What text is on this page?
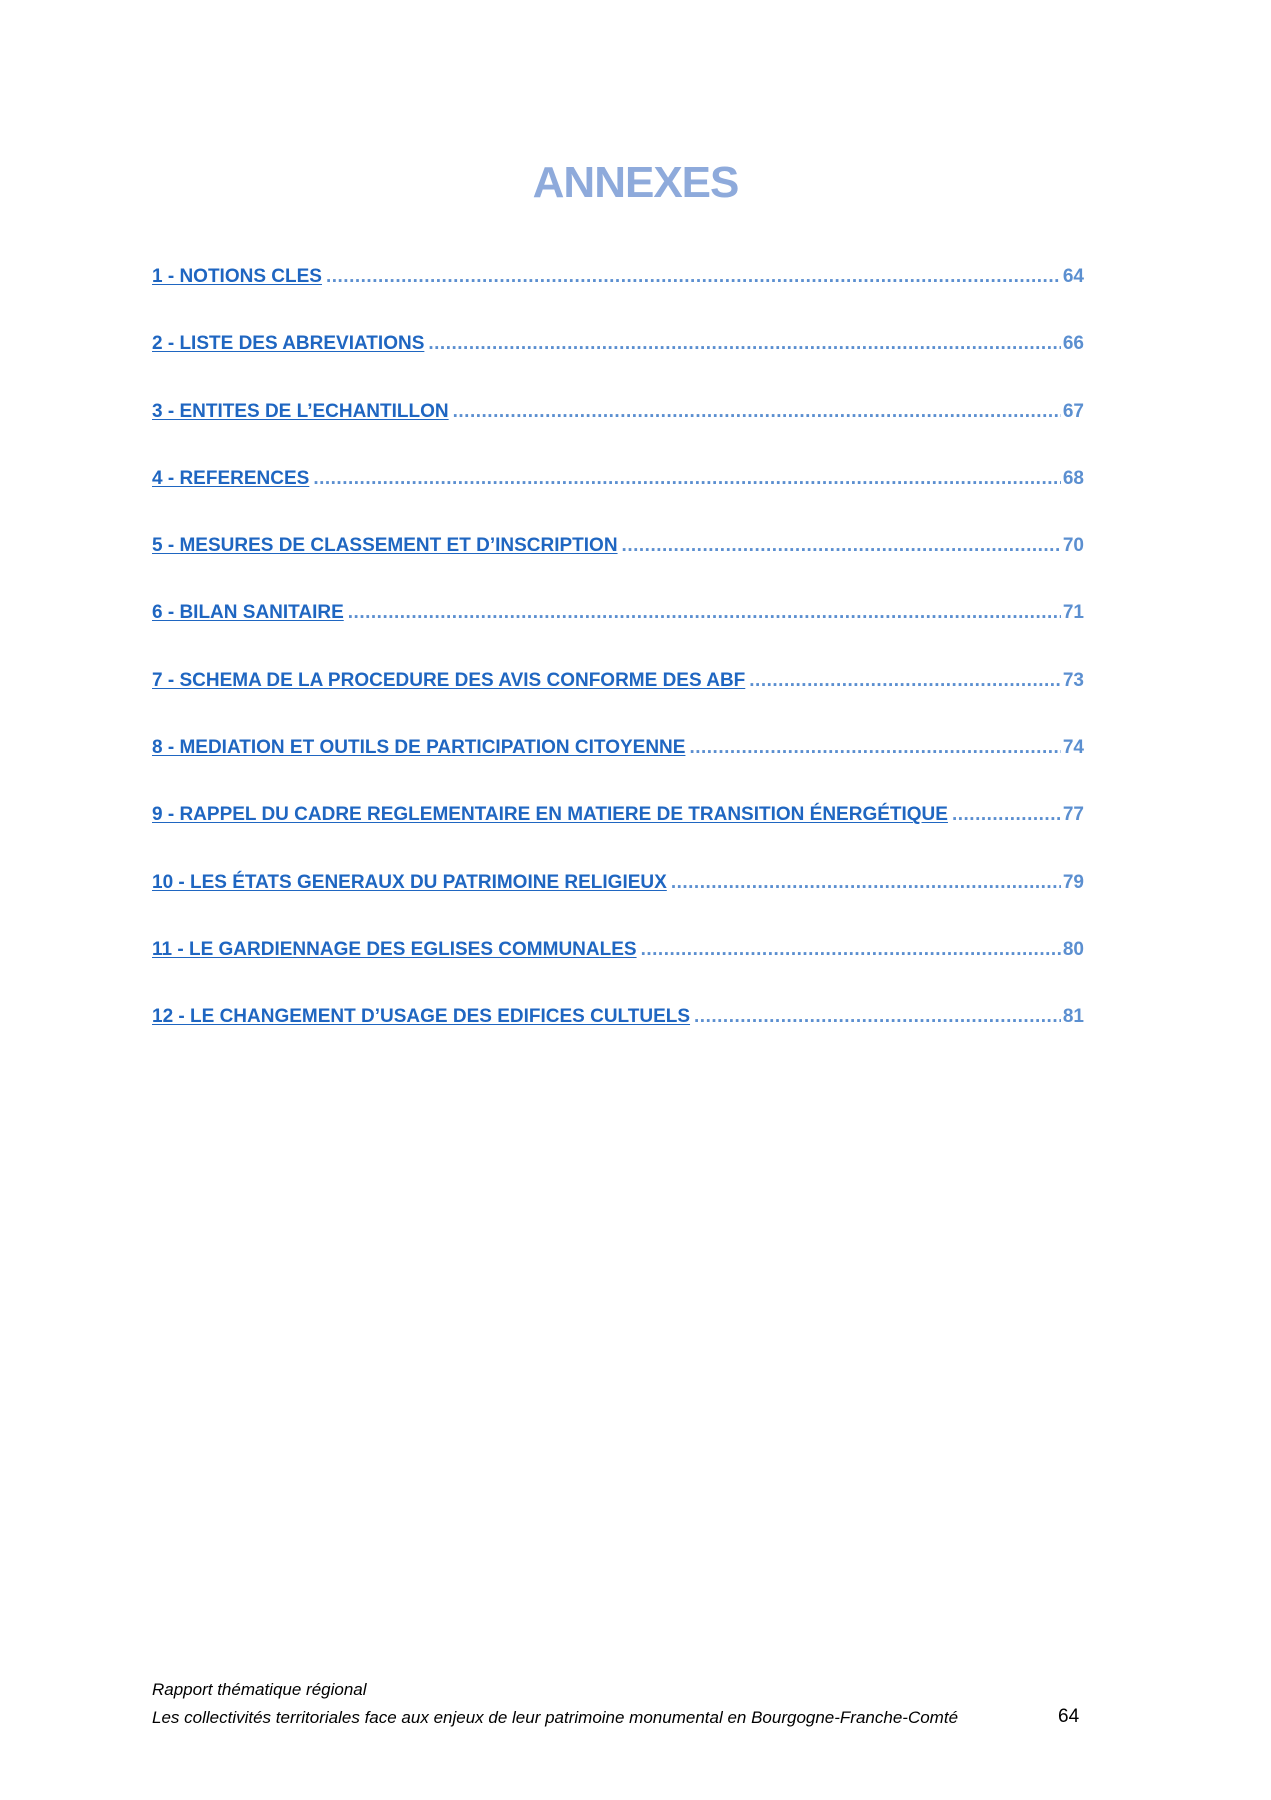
ANNEXES
1 - NOTIONS CLES .....	64
2 - LISTE DES ABREVIATIONS .....	66
3 - ENTITES DE L’ECHANTILLON .....	67
4 - REFERENCES .....	68
5 - MESURES DE CLASSEMENT ET D’INSCRIPTION .....	70
6 - BILAN SANITAIRE .....	71
7 - SCHEMA DE LA PROCEDURE DES AVIS CONFORME DES ABF .....	73
8 - MEDIATION ET OUTILS DE PARTICIPATION CITOYENNE .....	74
9 - RAPPEL DU CADRE REGLEMENTAIRE EN MATIERE DE TRANSITION ÉNERGÉTIQUE .....	77
10 - LES ÉTATS GENERAUX DU PATRIMOINE RELIGIEUX .....	79
11 - LE GARDIENNAGE DES EGLISES COMMUNALES .....	80
12 - LE CHANGEMENT D’USAGE DES EDIFICES CULTUELS .....	81
Rapport thématique régional
Les collectivités territoriales face aux enjeux de leur patrimoine monumental en Bourgogne-Franche-Comté	64
